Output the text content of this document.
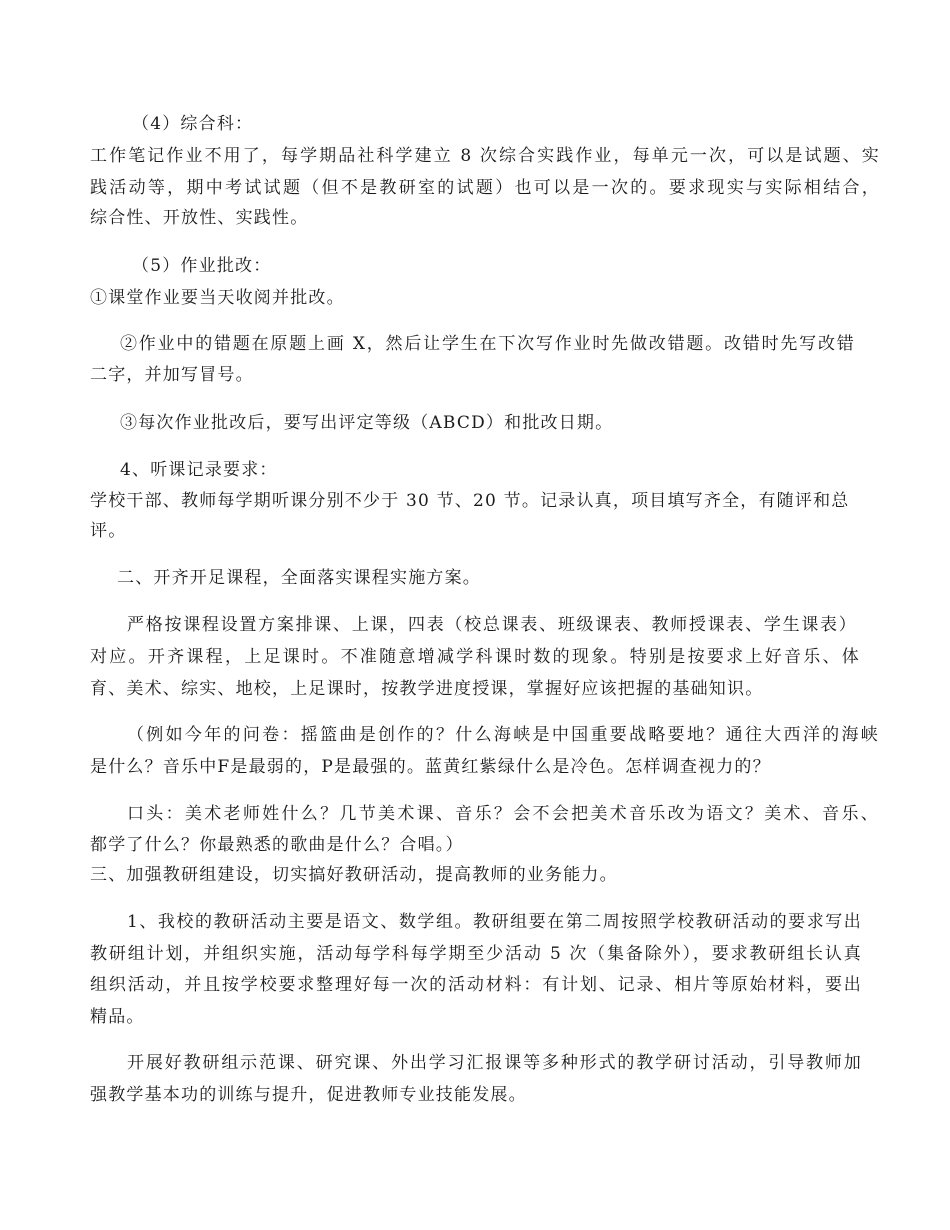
（4）综合科：
工作笔记作业不用了，每学期品社科学建立 8 次综合实践作业，每单元一次，可以是试题、实
践活动等，期中考试试题（但不是教研室的试题）也可以是一次的。要求现实与实际相结合，
综合性、开放性、实践性。
（5）作业批改：
①课堂作业要当天收阅并批改。
②作业中的错题在原题上画 X，然后让学生在下次写作业时先做改错题。改错时先写改错
二字，并加写冒号。
③每次作业批改后，要写出评定等级（ABCD）和批改日期。
4、听课记录要求：
学校干部、教师每学期听课分别不少于 30 节、20 节。记录认真，项目填写齐全，有随评和总
评。
二、开齐开足课程，全面落实课程实施方案。
严格按课程设置方案排课、上课，四表（校总课表、班级课表、教师授课表、学生课表）
对应。开齐课程，上足课时。不准随意增减学科课时数的现象。特别是按要求上好音乐、体
育、美术、综实、地校，上足课时，按教学进度授课，掌握好应该把握的基础知识。
（例如今年的问卷：摇篮曲是创作的？什么海峡是中国重要战略要地？通往大西洋的海峡
是什么？音乐中F是最弱的，P是最强的。蓝黄红紫绿什么是冷色。怎样调查视力的？
口头：美术老师姓什么？几节美术课、音乐？会不会把美术音乐改为语文？美术、音乐、
都学了什么？你最熟悉的歌曲是什么？合唱。）
三、加强教研组建设，切实搞好教研活动，提高教师的业务能力。
1、我校的教研活动主要是语文、数学组。教研组要在第二周按照学校教研活动的要求写出
教研组计划，并组织实施，活动每学科每学期至少活动 5 次（集备除外），要求教研组长认真
组织活动，并且按学校要求整理好每一次的活动材料：有计划、记录、相片等原始材料，要出
精品。
开展好教研组示范课、研究课、外出学习汇报课等多种形式的教学研讨活动，引导教师加
强教学基本功的训练与提升，促进教师专业技能发展。
